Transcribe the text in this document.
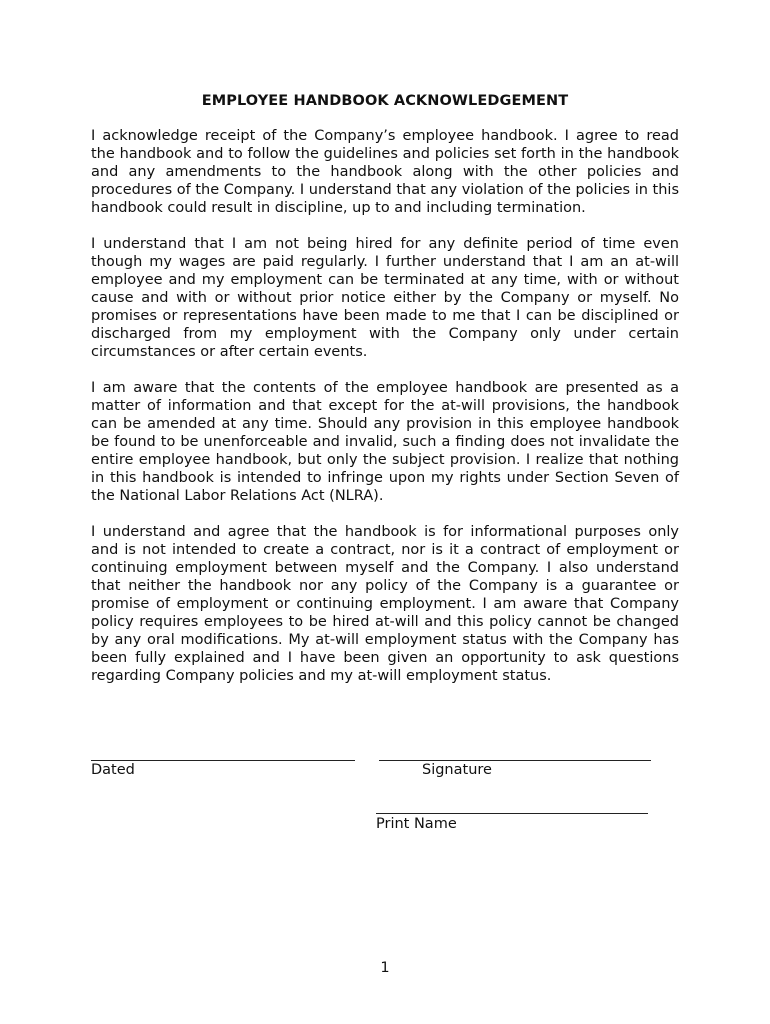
EMPLOYEE HANDBOOK ACKNOWLEDGEMENT

I acknowledge receipt of the Company’s employee handbook. I agree to read the handbook and to follow the guidelines and policies set forth in the handbook and any amendments to the handbook along with the other policies and procedures of the Company. I understand that any violation of the policies in this handbook could result in discipline, up to and including termination.

I understand that I am not being hired for any definite period of time even though my wages are paid regularly. I further understand that I am an at-will employee and my employment can be terminated at any time, with or without cause and with or without prior notice either by the Company or myself. No promises or representations have been made to me that I can be disciplined or discharged from my employment with the Company only under certain circumstances or after certain events.

I am aware that the contents of the employee handbook are presented as a matter of information and that except for the at-will provisions, the handbook can be amended at any time. Should any provision in this employee handbook be found to be unenforceable and invalid, such a finding does not invalidate the entire employee handbook, but only the subject provision. I realize that nothing in this handbook is intended to infringe upon my rights under Section Seven of the National Labor Relations Act (NLRA).

I understand and agree that the handbook is for informational purposes only and is not intended to create a contract, nor is it a contract of employment or continuing employment between myself and the Company. I also understand that neither the handbook nor any policy of the Company is a guarantee or promise of employment or continuing employment. I am aware that Company policy requires employees to be hired at-will and this policy cannot be changed by any oral modifications. My at-will employment status with the Company has been fully explained and I have been given an opportunity to ask questions regarding Company policies and my at-will employment status.

Dated	Signature
Print Name
1
